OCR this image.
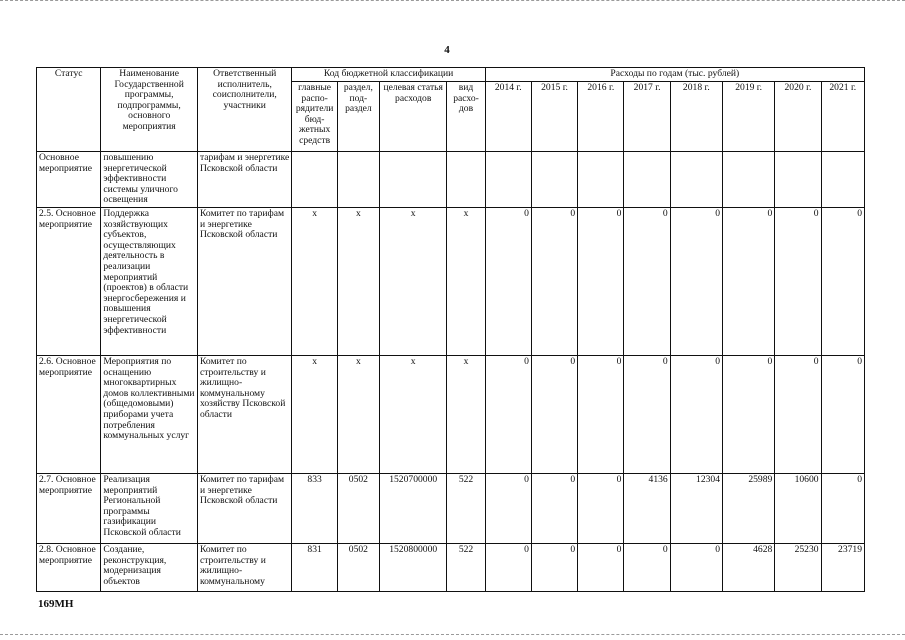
4
Статус	Наименование Государственной программы, подпрограммы, основного мероприятия	Ответственный исполнитель, соисполнители, участники	Код бюджетной классификации				Расходы по годам (тыс. рублей)							
			главные распо-рядители бюд-жетных средств	раздел, под-раздел	целевая статья расходов	вид расхо-дов	2014 г.	2015 г.	2016 г.	2017 г.	2018 г.	2019 г.	2020 г.	2021 г.
Основное мероприятие	повышению энергетической эффективности системы уличного освещения	тарифам и энергетике Псковской области												
2.5. Основное мероприятие	Поддержка хозяйствующих субъектов, осуществляющих деятельность в реализации мероприятий (проектов) в области энергосбережения и повышения энергетической эффективности	Комитет по тарифам и энергетике Псковской области	x	x	x	x	0	0	0	0	0	0	0	0
2.6. Основное мероприятие	Мероприятия по оснащению многоквартирных домов коллективными (общедомовыми) приборами учета потребления коммунальных услуг	Комитет по строительству и жилищно-коммунальному хозяйству Псковской области	x	x	x	x	0	0	0	0	0	0	0	0
2.7. Основное мероприятие	Реализация мероприятий Региональной программы газификации Псковской области	Комитет по тарифам и энергетике Псковской области	833	0502	1520700000	522	0	0	0	4136	12304	25989	10600	0
2.8. Основное мероприятие	Создание, реконструкция, модернизация объектов	Комитет по строительству и жилищно-коммунальному	831	0502	1520800000	522	0	0	0	0	0	4628	25230	23719
169МН
